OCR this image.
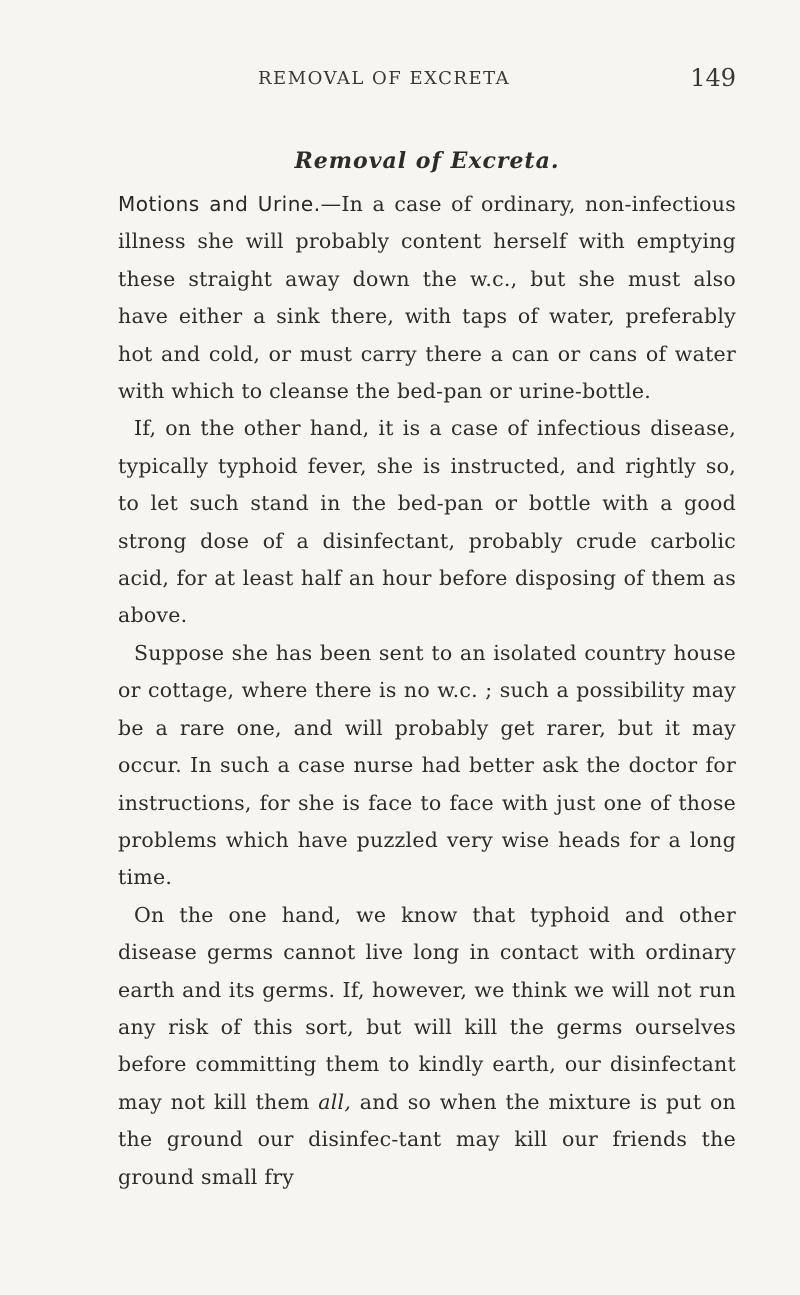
REMOVAL OF EXCRETA	149
Removal of Excreta.

Motions and Urine.—In a case of ordinary, non-infectious illness she will probably content herself with emptying these straight away down the w.c., but she must also have either a sink there, with taps of water, preferably hot and cold, or must carry there a can or cans of water with which to cleanse the bed-pan or urine-bottle.

If, on the other hand, it is a case of infectious disease, typically typhoid fever, she is instructed, and rightly so, to let such stand in the bed-pan or bottle with a good strong dose of a disinfectant, probably crude carbolic acid, for at least half an hour before disposing of them as above.

Suppose she has been sent to an isolated country house or cottage, where there is no w.c. ; such a possibility may be a rare one, and will probably get rarer, but it may occur. In such a case nurse had better ask the doctor for instructions, for she is face to face with just one of those problems which have puzzled very wise heads for a long time.

On the one hand, we know that typhoid and other disease germs cannot live long in contact with ordinary earth and its germs. If, however, we think we will not run any risk of this sort, but will kill the germs ourselves before committing them to kindly earth, our disinfectant may not kill them all, and so when the mixture is put on the ground our disinfec-tant may kill our friends the ground small fry
